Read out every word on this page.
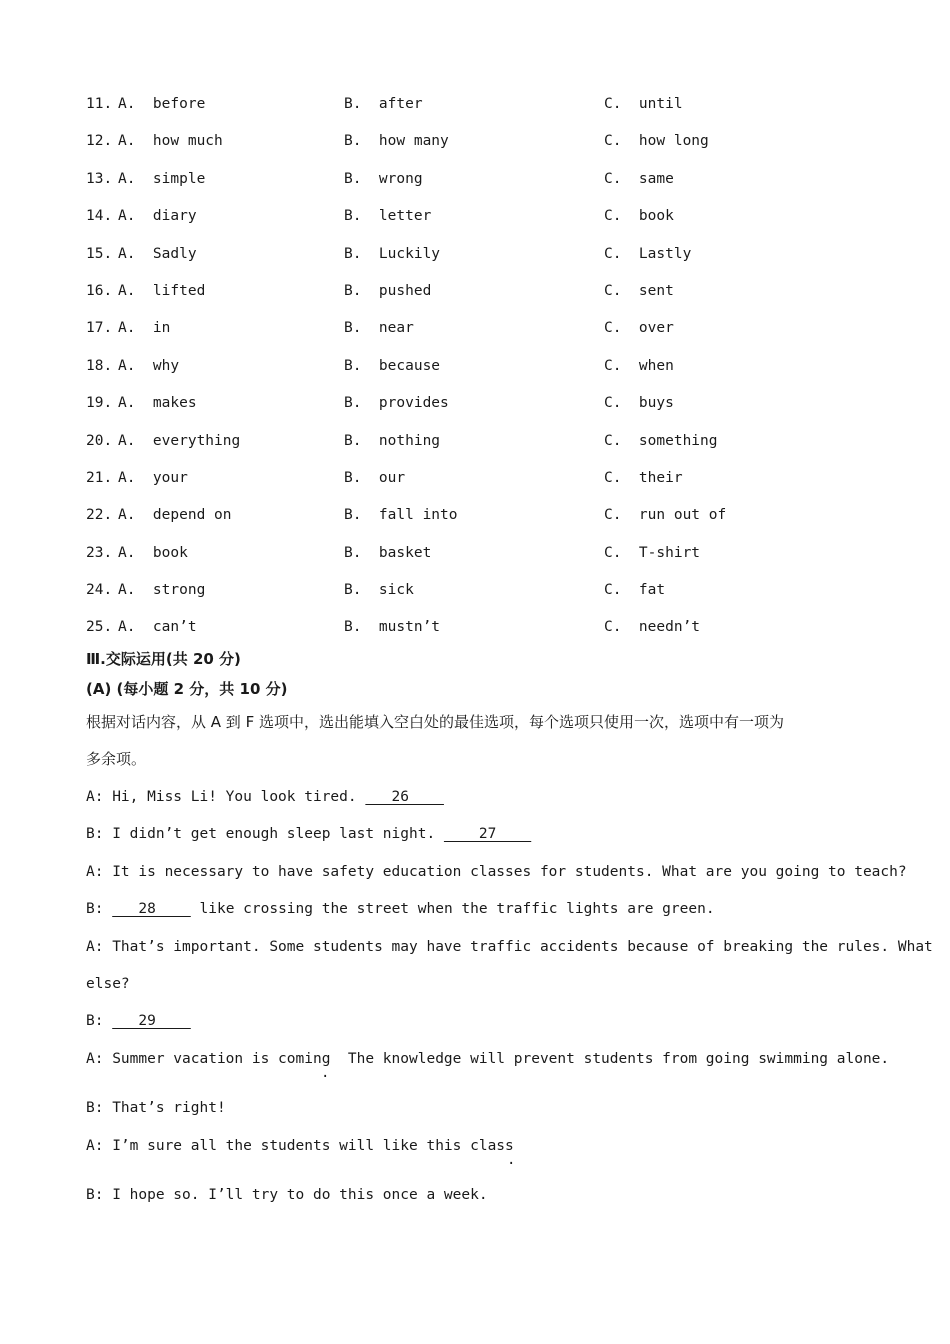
11. A.  before	B.  after	C.  until
12. A.  how much	B.  how many	C.  how long
13. A.  simple	B.  wrong	C.  same
14. A.  diary	B.  letter	C.  book
15. A.  Sadly	B.  Luckily	C.  Lastly
16. A.  lifted	B.  pushed	C.  sent
17. A.  in	B.  near	C.  over
18. A.  why	B.  because	C.  when
19. A.  makes	B.  provides	C.  buys
20. A.  everything	B.  nothing	C.  something
21. A.  your	B.  our	C.  their
22. A.  depend on	B.  fall into	C.  run out of
23. A.  book	B.  basket	C.  T-shirt
24. A.  strong	B.  sick	C.  fat
25. A.  can’t	B.  mustn’t	C.  needn’t
Ⅲ.交际运用(共 20 分)
(A) (每小题 2 分，共 10 分)
根据对话内容，从 A 到 F 选项中，选出能填入空白处的最佳选项，每个选项只使用一次，选项中有一项为
多余项。
A: Hi, Miss Li! You look tired.    26
B: I didn’t get enough sleep last night.     27
A: It is necessary to have safety education classes for students. What are you going to teach?
B:    28     like crossing the street when the traffic lights are green.
A: That’s important. Some students may have traffic accidents because of breaking the rules. What
else?
B:    29
A: Summer vacation is coming  The knowledge will prevent students from going swimming alone.
.
B: That’s right!
A: I’m sure all the students will like this class
.
B: I hope so. I’ll try to do this once a week.
